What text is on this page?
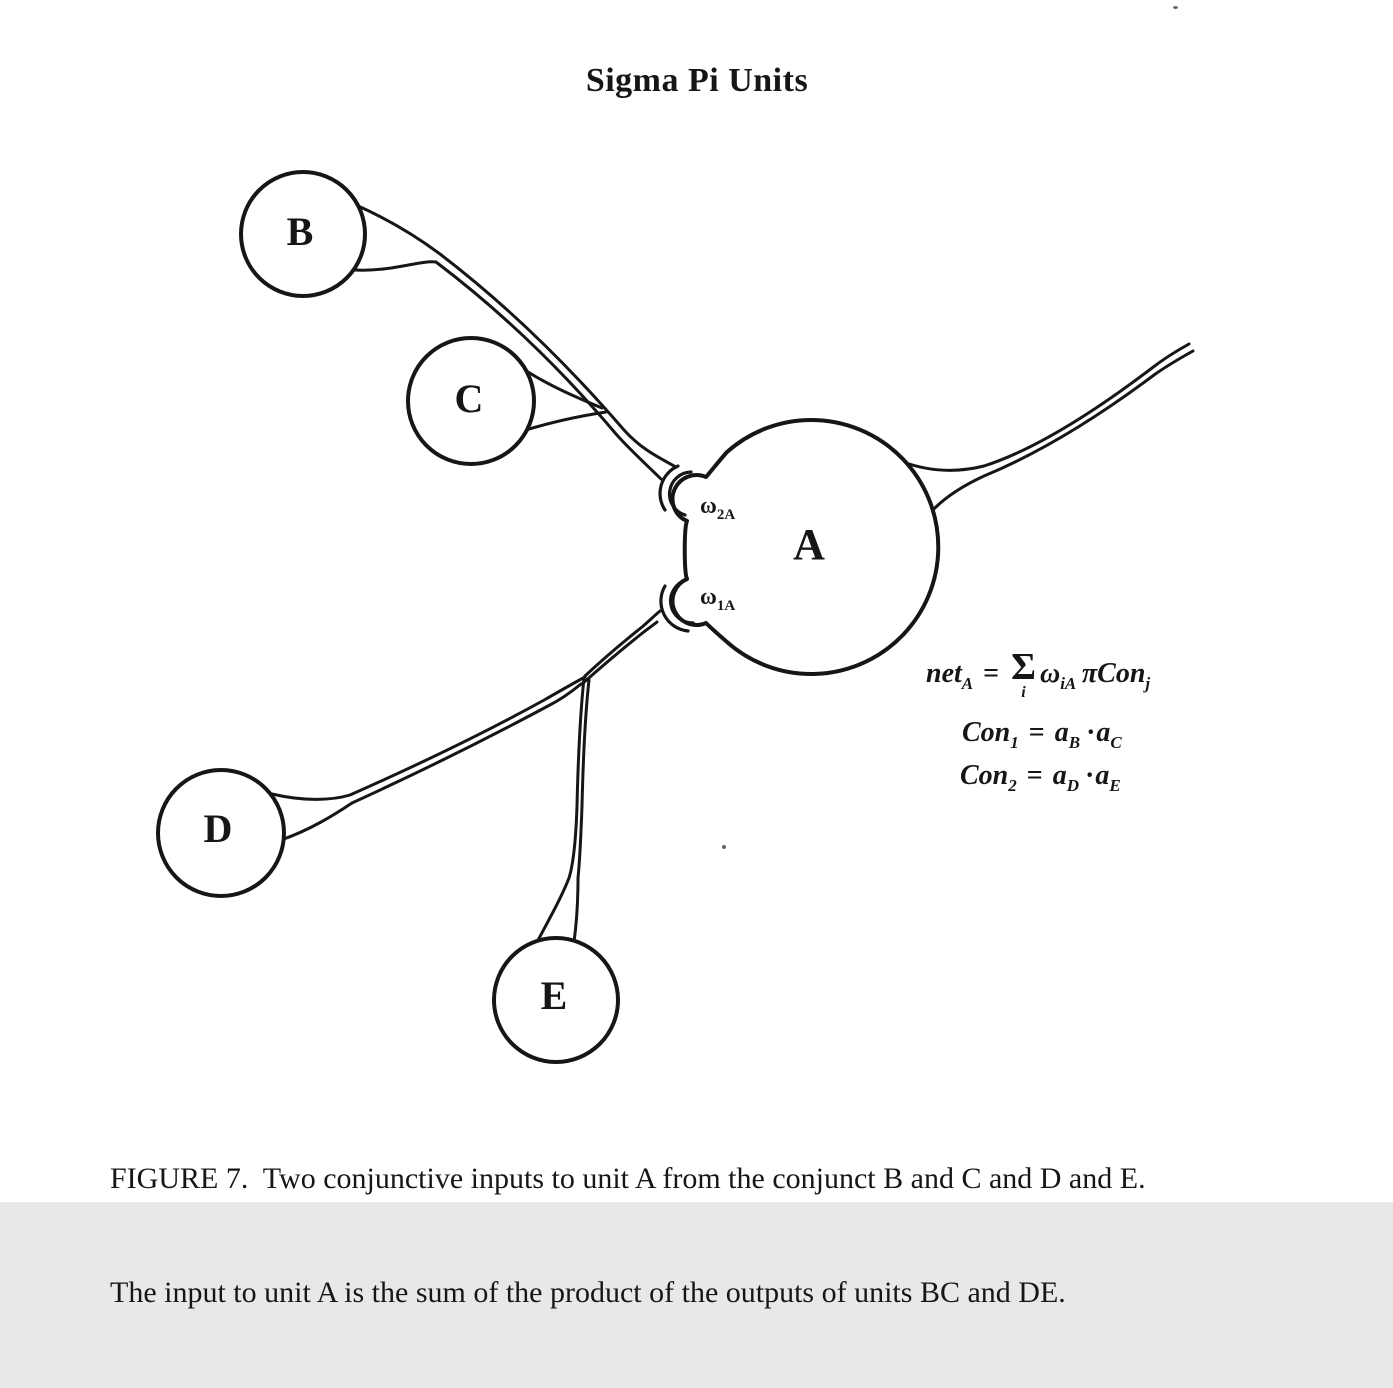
Sigma Pi Units
B
C
D
E
A
$\omega_{2A}$
$\omega_{1A}$
net$_A$ = Σ
i
$\omega_{iA}$  πCon$_j$
$Con_1 = a_B \cdot a_C$
$Con_2 = a_D \cdot a_E$

FIGURE 7.  Two conjunctive inputs to unit A from the conjunct B and C and D and E.

The input to unit A is the sum of the product of the outputs of units BC and DE.
